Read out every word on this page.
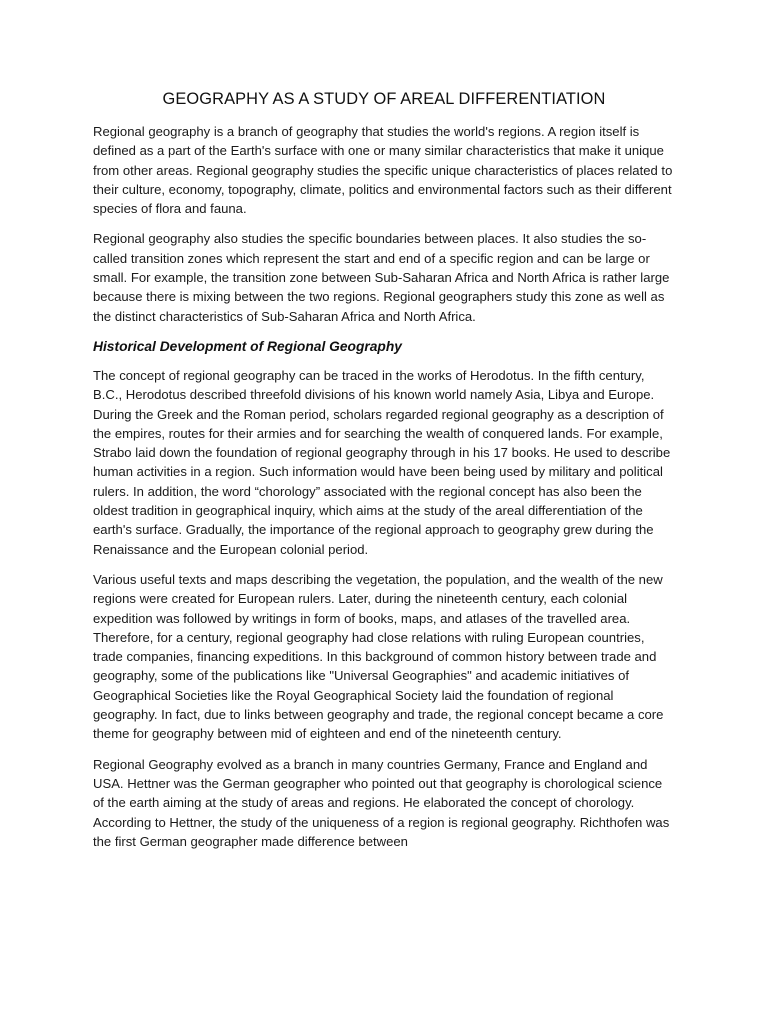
GEOGRAPHY AS A STUDY OF AREAL DIFFERENTIATION

Regional geography is a branch of geography that studies the world's regions. A region itself is defined as a part of the Earth's surface with one or many similar characteristics that make it unique from other areas. Regional geography studies the specific unique characteristics of places related to their culture, economy, topography, climate, politics and environmental factors such as their different species of flora and fauna.

Regional geography also studies the specific boundaries between places. It also studies the so-called transition zones which represent the start and end of a specific region and can be large or small. For example, the transition zone between Sub-Saharan Africa and North Africa is rather large because there is mixing between the two regions. Regional geographers study this zone as well as the distinct characteristics of Sub-Saharan Africa and North Africa.

Historical Development of Regional Geography

The concept of regional geography can be traced in the works of Herodotus. In the fifth century, B.C., Herodotus described threefold divisions of his known world namely Asia, Libya and Europe. During the Greek and the Roman period, scholars regarded regional geography as a description of the empires, routes for their armies and for searching the wealth of conquered lands. For example, Strabo laid down the foundation of regional geography through in his 17 books. He used to describe human activities in a region. Such information would have been being used by military and political rulers. In addition, the word “chorology” associated with the regional concept has also been the oldest tradition in geographical inquiry, which aims at the study of the areal differentiation of the earth's surface. Gradually, the importance of the regional approach to geography grew during the Renaissance and the European colonial period.

Various useful texts and maps describing the vegetation, the population, and the wealth of the new regions were created for European rulers. Later, during the nineteenth century, each colonial expedition was followed by writings in form of books, maps, and atlases of the travelled area. Therefore, for a century, regional geography had close relations with ruling European countries, trade companies, financing expeditions. In this background of common history between trade and geography, some of the publications like "Universal Geographies" and academic initiatives of Geographical Societies like the Royal Geographical Society laid the foundation of regional geography. In fact, due to links between geography and trade, the regional concept became a core theme for geography between mid of eighteen and end of the nineteenth century.

Regional Geography evolved as a branch in many countries Germany, France and England and USA. Hettner was the German geographer who pointed out that geography is chorological science of the earth aiming at the study of areas and regions. He elaborated the concept of chorology. According to Hettner, the study of the uniqueness of a region is regional geography. Richthofen was the first German geographer made difference between
